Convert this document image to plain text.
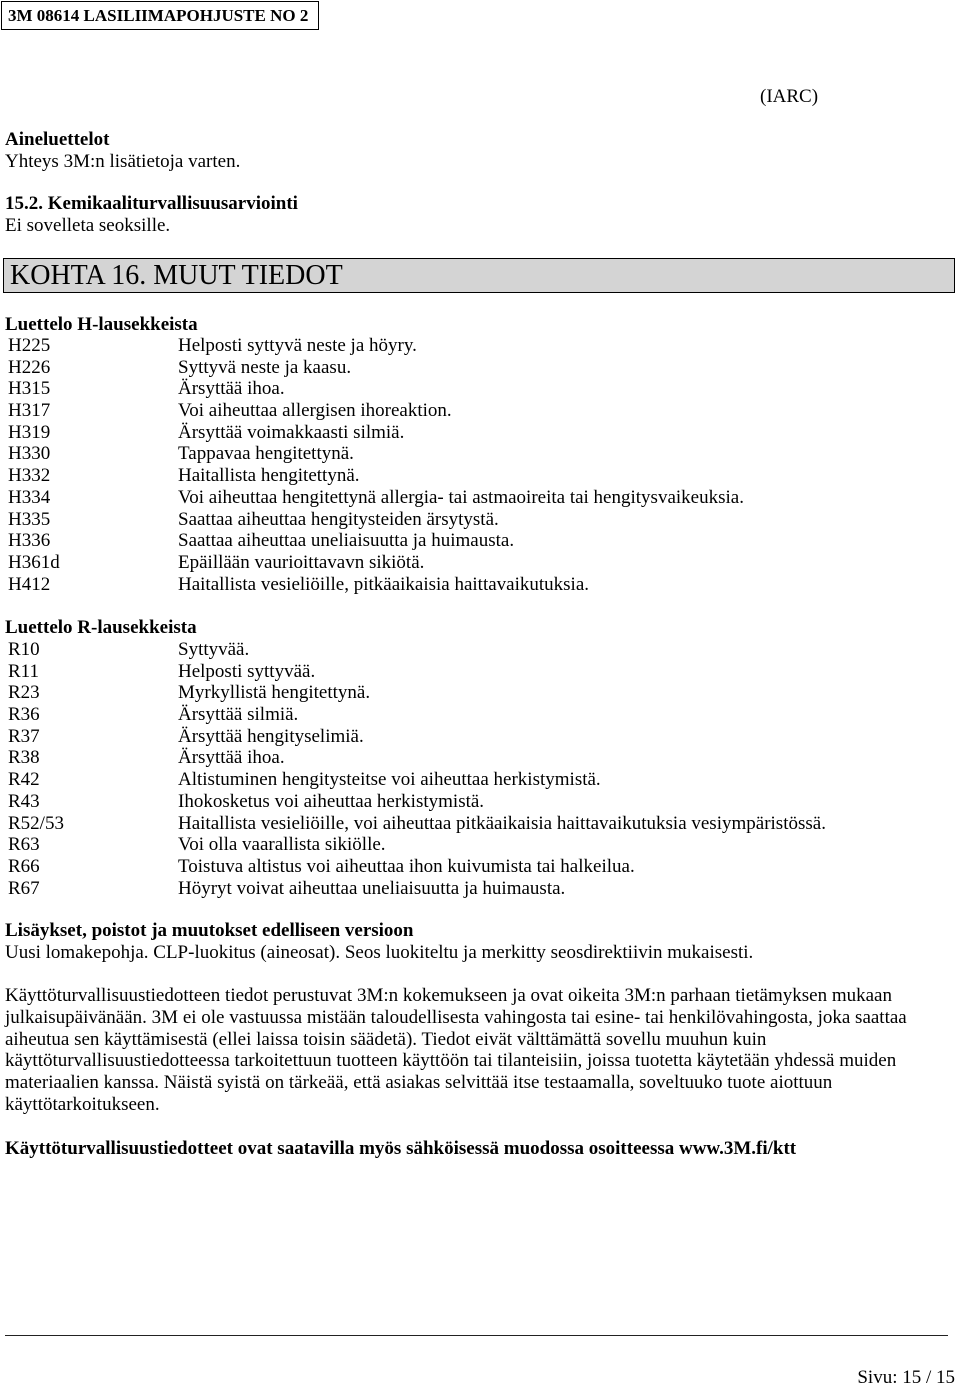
3M 08614 LASILIIMAPOHJUSTE NO 2
(IARC)
Aineluettelot
Yhteys 3M:n lisätietoja varten.
15.2. Kemikaaliturvallisuusarviointi
Ei sovelleta seoksille.
KOHTA 16. MUUT TIEDOT
Luettelo H-lausekkeista
H225	Helposti syttyvä neste ja höyry.
H226	Syttyvä neste ja kaasu.
H315	Ärsyttää ihoa.
H317	Voi aiheuttaa allergisen ihoreaktion.
H319	Ärsyttää voimakkaasti silmiä.
H330	Tappavaa hengitettynä.
H332	Haitallista hengitettynä.
H334	Voi aiheuttaa hengitettynä allergia- tai astmaoireita tai hengitysvaikeuksia.
H335	Saattaa aiheuttaa hengitysteiden ärsytystä.
H336	Saattaa aiheuttaa uneliaisuutta ja huimausta.
H361d	Epäillään vaurioittavavn sikiötä.
H412	Haitallista vesieliöille, pitkäaikaisia haittavaikutuksia.
Luettelo R-lausekkeista
R10	Syttyvää.
R11	Helposti syttyvää.
R23	Myrkyllistä hengitettynä.
R36	Ärsyttää silmiä.
R37	Ärsyttää hengityselimiä.
R38	Ärsyttää ihoa.
R42	Altistuminen hengitysteitse voi aiheuttaa herkistymistä.
R43	Ihokosketus voi aiheuttaa herkistymistä.
R52/53	Haitallista vesieliöille, voi aiheuttaa pitkäaikaisia haittavaikutuksia vesiympäristössä.
R63	Voi olla vaarallista sikiölle.
R66	Toistuva altistus voi aiheuttaa ihon kuivumista tai halkeilua.
R67	Höyryt voivat aiheuttaa uneliaisuutta ja huimausta.
Lisäykset, poistot ja muutokset edelliseen versioon
Uusi lomakepohja. CLP-luokitus (aineosat). Seos luokiteltu ja merkitty seosdirektiivin mukaisesti.
Käyttöturvallisuustiedotteen tiedot perustuvat 3M:n kokemukseen ja ovat oikeita 3M:n parhaan tietämyksen mukaan
julkaisupäivänään. 3M ei ole vastuussa mistään taloudellisesta vahingosta tai esine- tai henkilövahingosta, joka saattaa
aiheutua sen käyttämisestä (ellei laissa toisin säädetä). Tiedot eivät välttämättä sovellu muuhun kuin
käyttöturvallisuustiedotteessa tarkoitettuun tuotteen käyttöön tai tilanteisiin, joissa tuotetta käytetään yhdessä muiden
materiaalien kanssa. Näistä syistä on tärkeää, että asiakas selvittää itse testaamalla, soveltuuko tuote aiottuun
käyttötarkoitukseen.
Käyttöturvallisuustiedotteet ovat saatavilla myös sähköisessä muodossa osoitteessa www.3M.fi/ktt
Sivu: 15 / 15
